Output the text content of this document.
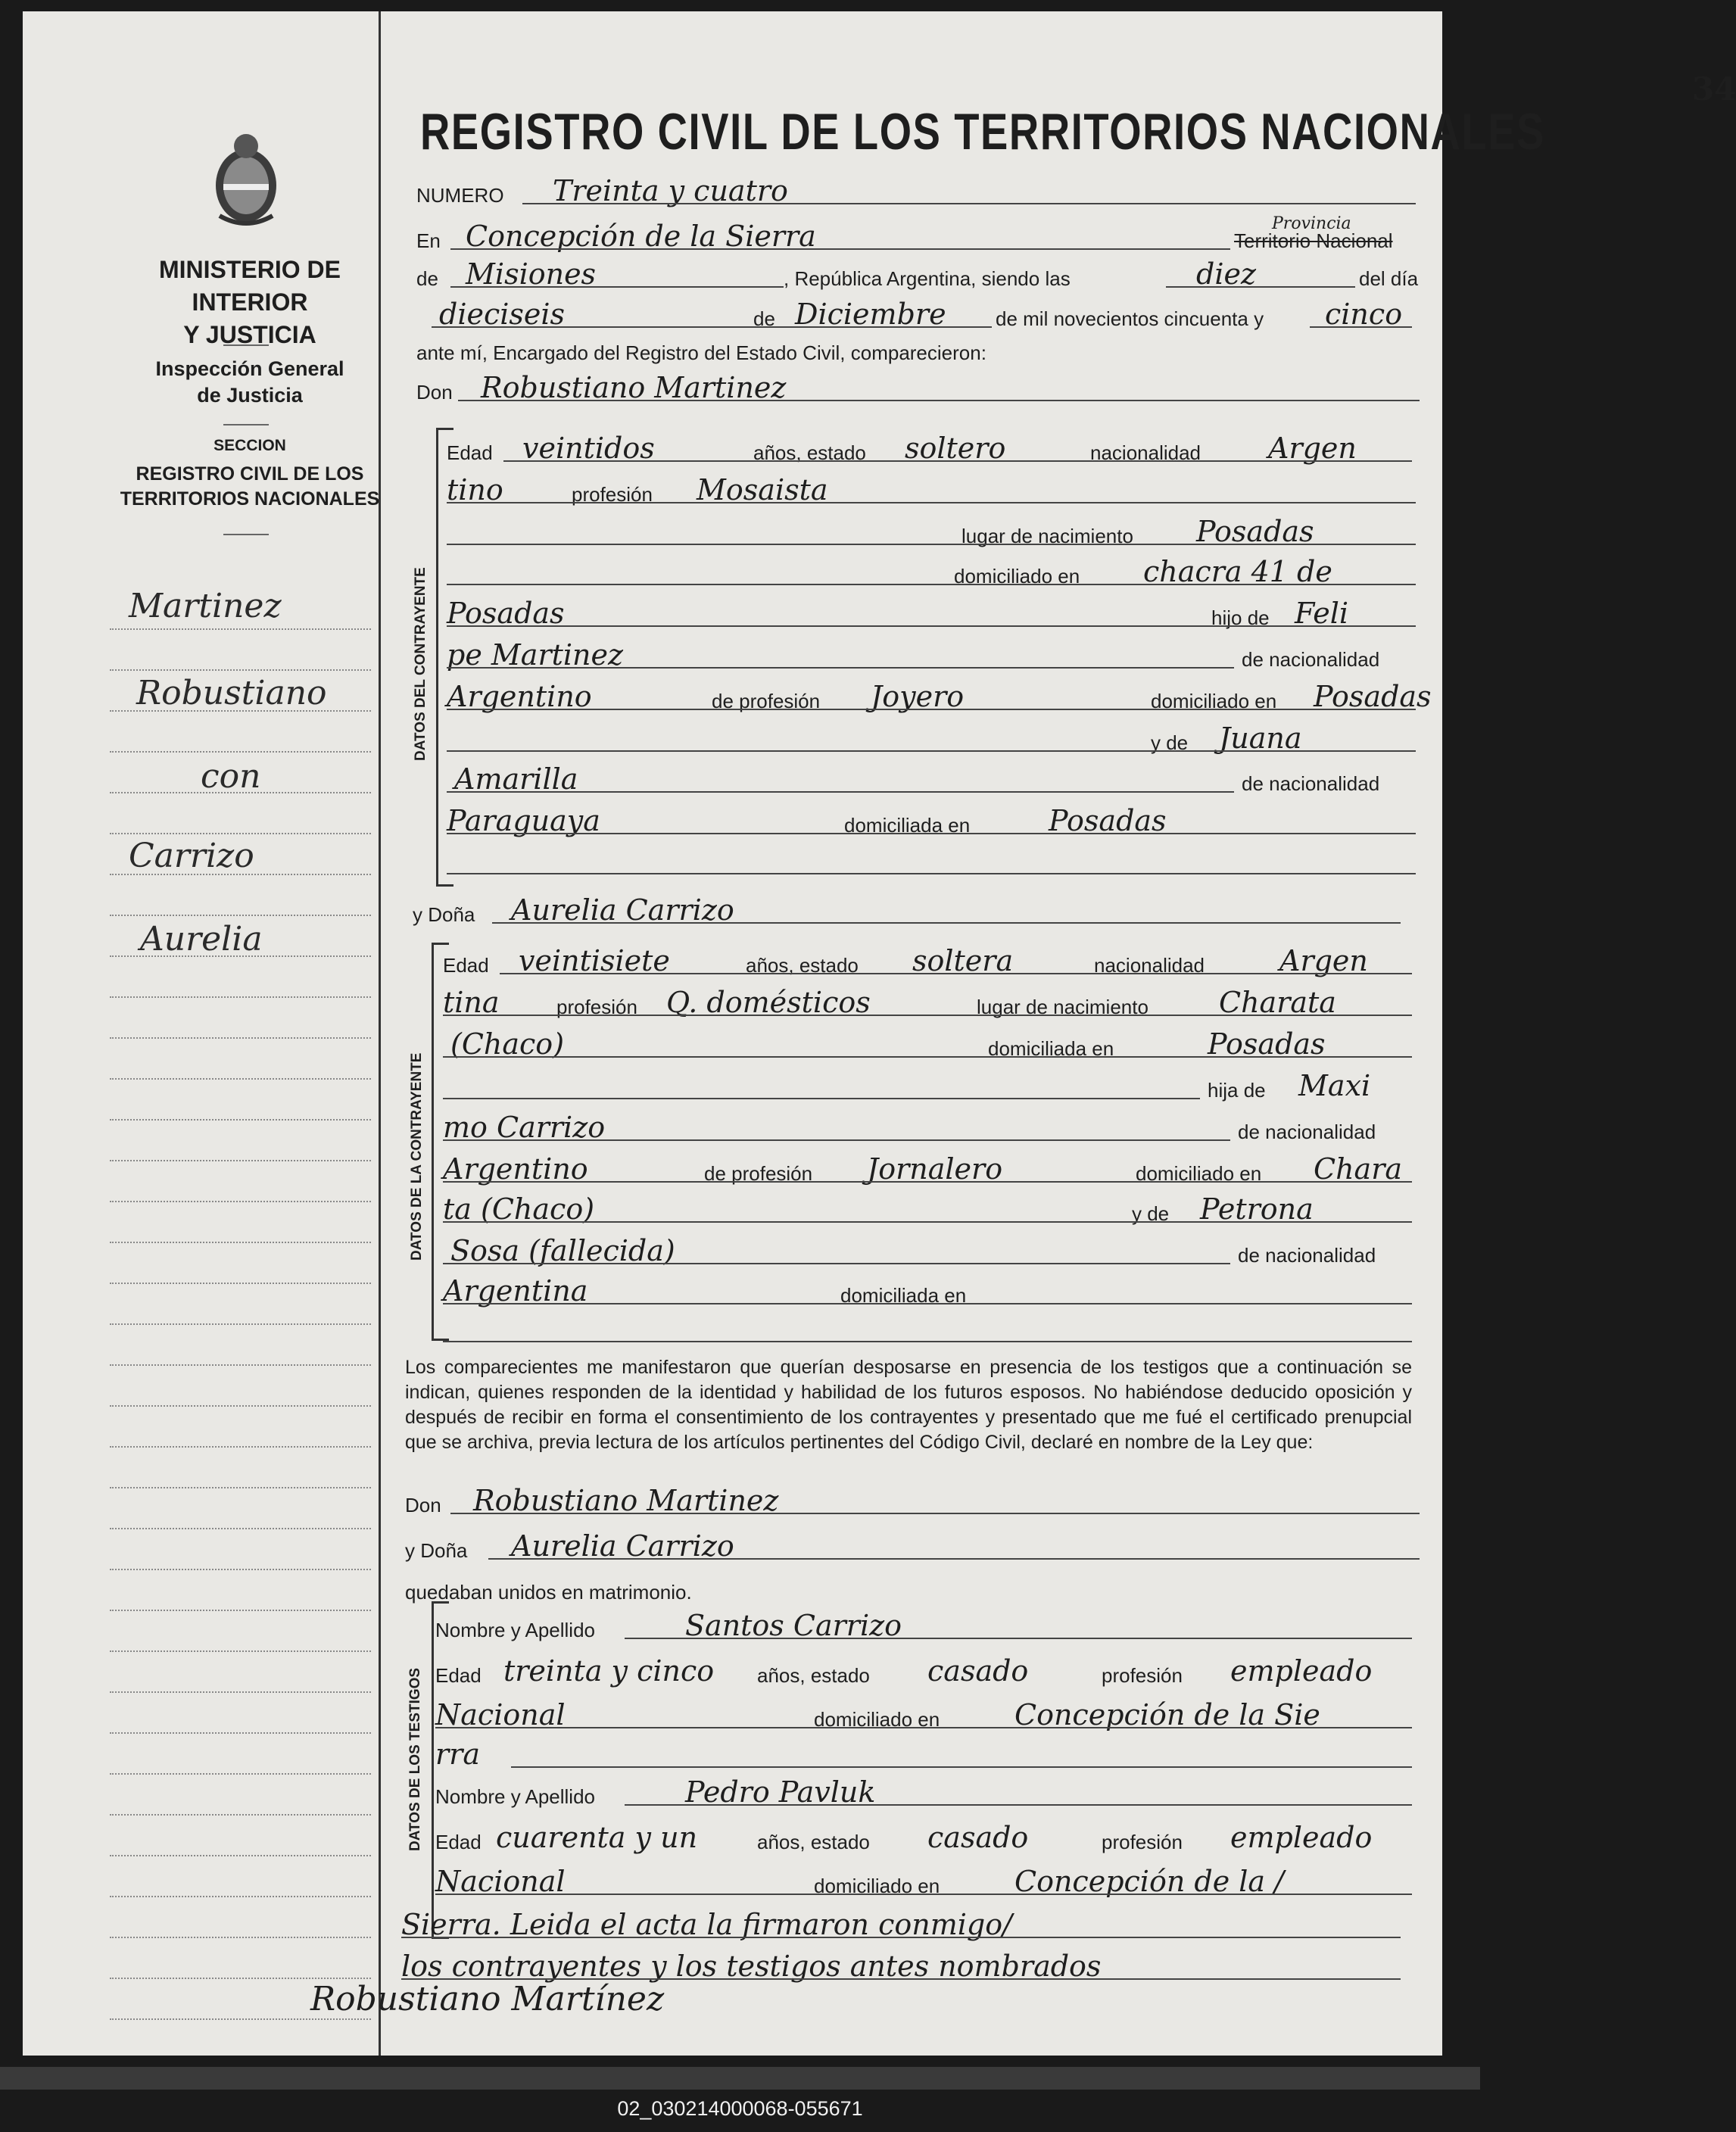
MINISTERIO DE INTERIOR
Y JUSTICIA
Inspección General
de Justicia
SECCION
REGISTRO CIVIL DE LOS
TERRITORIOS NACIONALES
Martinez
Robustiano
con
Carrizo
Aurelia
34
REGISTRO CIVIL DE LOS TERRITORIOS NACIONALES
NUMERO Treinta y cuatro
En Concepción de la Sierra	Provincia
Territorio Nacional
de Misiones	, República Argentina, siendo las	diez	del día
dieciseis	de Diciembre	de mil novecientos cincuenta y cinco
ante mí, Encargado del Registro del Estado Civil, comparecieron:
Don Robustiano Martinez
DATOS DEL CONTRAYENTE
Edad veintidos	años, estado soltero	nacionalidad Argen
tino	profesión Mosaista
lugar de nacimiento Posadas
domiciliado en chacra 41 de
Posadas	hijo de Feli
pe Martinez	de nacionalidad
Argentino	de profesión Joyero	domiciliado en Posadas
y de Juana
Amarilla	de nacionalidad
Paraguaya	domiciliada en	Posadas
y Doña Aurelia Carrizo
DATOS DE LA CONTRAYENTE
Edad veintisiete	años, estado soltera	nacionalidad	Argen
tina	profesión Q. domésticos	lugar de nacimiento Charata
(Chaco)	domiciliada en	Posadas
hija de Maxi
mo Carrizo	de nacionalidad
Argentino	de profesión Jornalero	domiciliado en Chara
ta (Chaco)	y de Petrona
Sosa (fallecida)	de nacionalidad
Argentina	domiciliada en
Los comparecientes me manifestaron que querían desposarse en presencia de los testigos que a continuación se indican, quienes responden de la identidad y habilidad de los futuros esposos. No habiéndose deducido oposición y después de recibir en forma el consentimiento de los contrayentes y presentado que me fué el certificado prenupcial que se archiva, previa lectura de los artículos pertinentes del Código Civil, declaré en nombre de la Ley que:
Don Robustiano Martinez
y Doña Aurelia Carrizo
quedaban unidos en matrimonio.
DATOS DE LOS TESTIGOS
Nombre y Apellido	Santos Carrizo
Edad treinta y cinco años, estado casado	profesión empleado
Nacional	domiciliado en	Concepción de la Sie
rra
Nombre y Apellido	Pedro Pavluk
Edad cuarenta y un	años, estado casado	profesión empleado
Nacional	domiciliado en	Concepción de la /
Sierra. Leida el acta la firmaron conmigo/
los contrayentes y los testigos antes nombrados
Robustiano Martínez
02_030214000068-055671
